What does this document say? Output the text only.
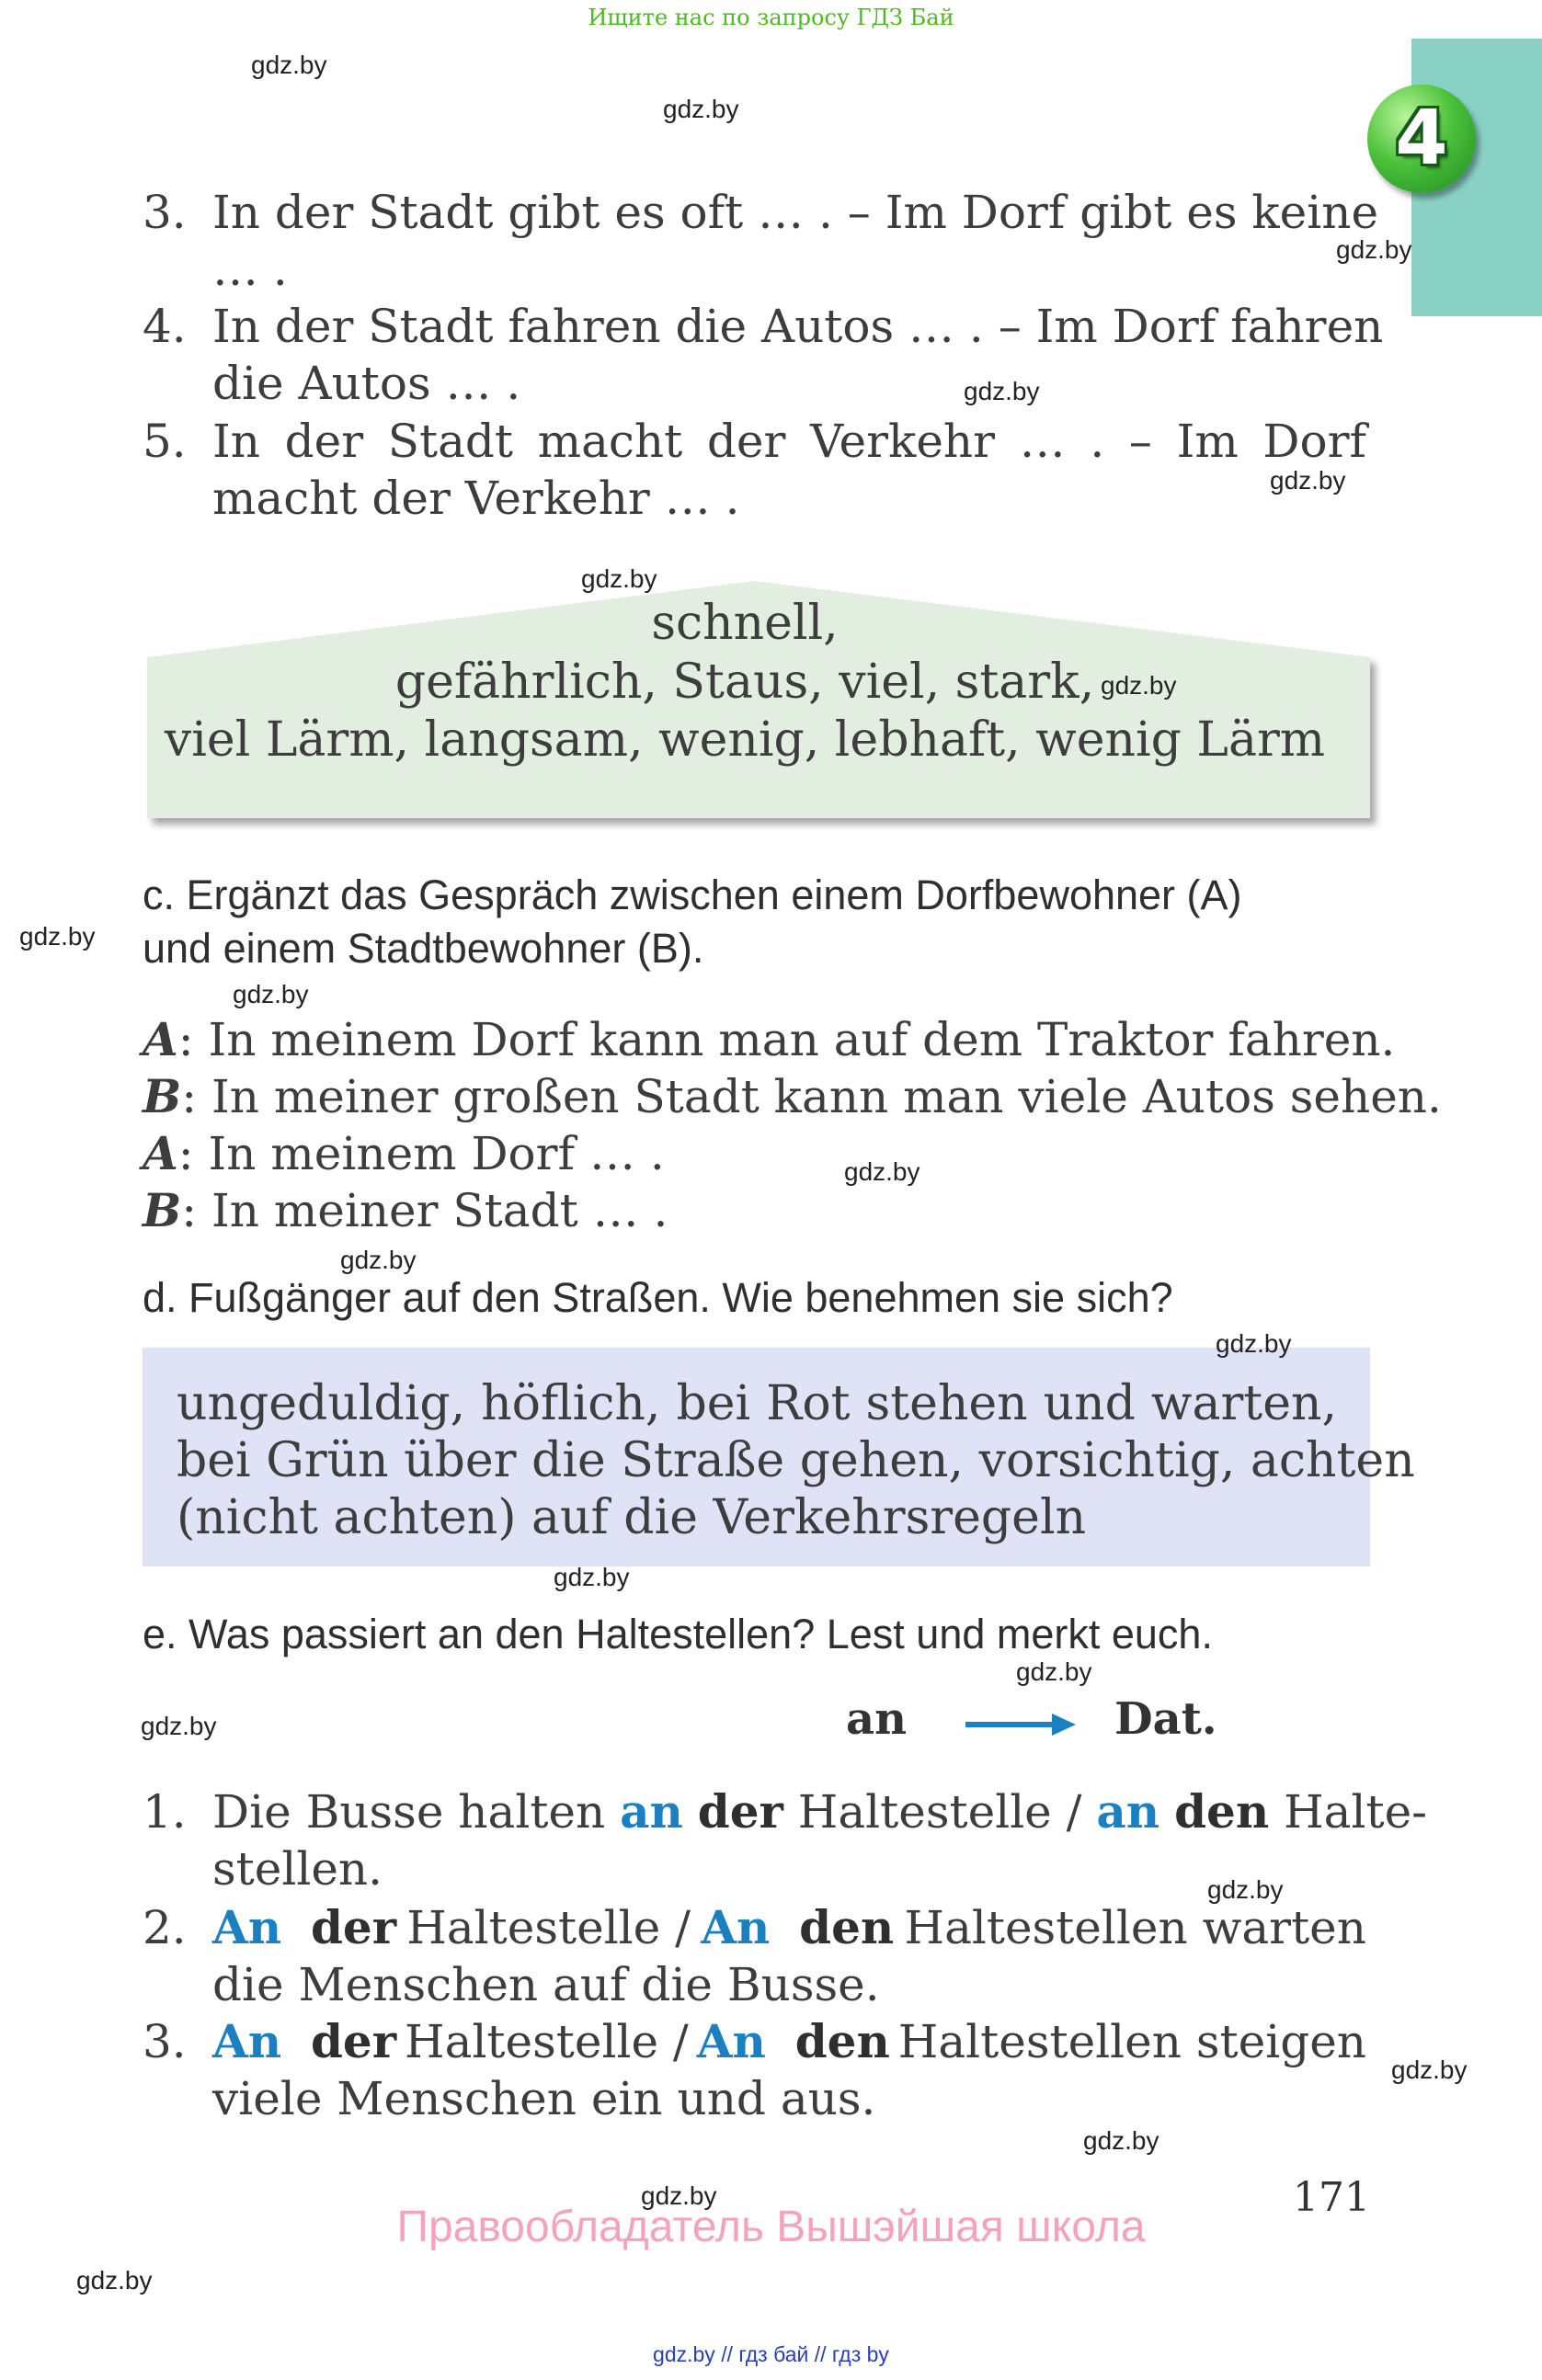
Ищите нас по запросу ГДЗ Бай
4
3. In der Stadt gibt es oft … . – Im Dorf gibt es keine
… .
4. In der Stadt fahren die Autos … . – Im Dorf fahren
die Autos … .
5. In der Stadt macht der Verkehr … . – Im Dorf
macht der Verkehr … .
schnell,
gefährlich, Staus, viel, stark,
viel Lärm, langsam, wenig, lebhaft, wenig Lärm
c. Ergänzt das Gespräch zwischen einem Dorfbewohner (A)
und einem Stadtbewohner (B).
A: In meinem Dorf kann man auf dem Traktor fahren.
B: In meiner großen Stadt kann man viele Autos sehen.
A: In meinem Dorf … .
B: In meiner Stadt … .
d. Fußgänger auf den Straßen. Wie benehmen sie sich?
ungeduldig, höflich, bei Rot stehen und warten,
bei Grün über die Straße gehen, vorsichtig, achten
(nicht achten) auf die Verkehrsregeln
e. Was passiert an den Haltestellen? Lest und merkt euch.
an	Dat.
1. Die Busse halten an der Haltestelle / an den Halte-
stellen.
2. An der Haltestelle / An den Haltestellen warten
die Menschen auf die Busse.
3. An der Haltestelle / An den Haltestellen steigen
viele Menschen ein und aus.
171
Правообладатель Вышэйшая школа
gdz.by // гдз бай // гдз by
gdz.by
gdz.by
gdz.by
gdz.by
gdz.by
gdz.by
gdz.by
gdz.by
gdz.by
gdz.by
gdz.by
gdz.by
gdz.by
gdz.by
gdz.by
gdz.by
gdz.by
gdz.by
gdz.by
gdz.by
